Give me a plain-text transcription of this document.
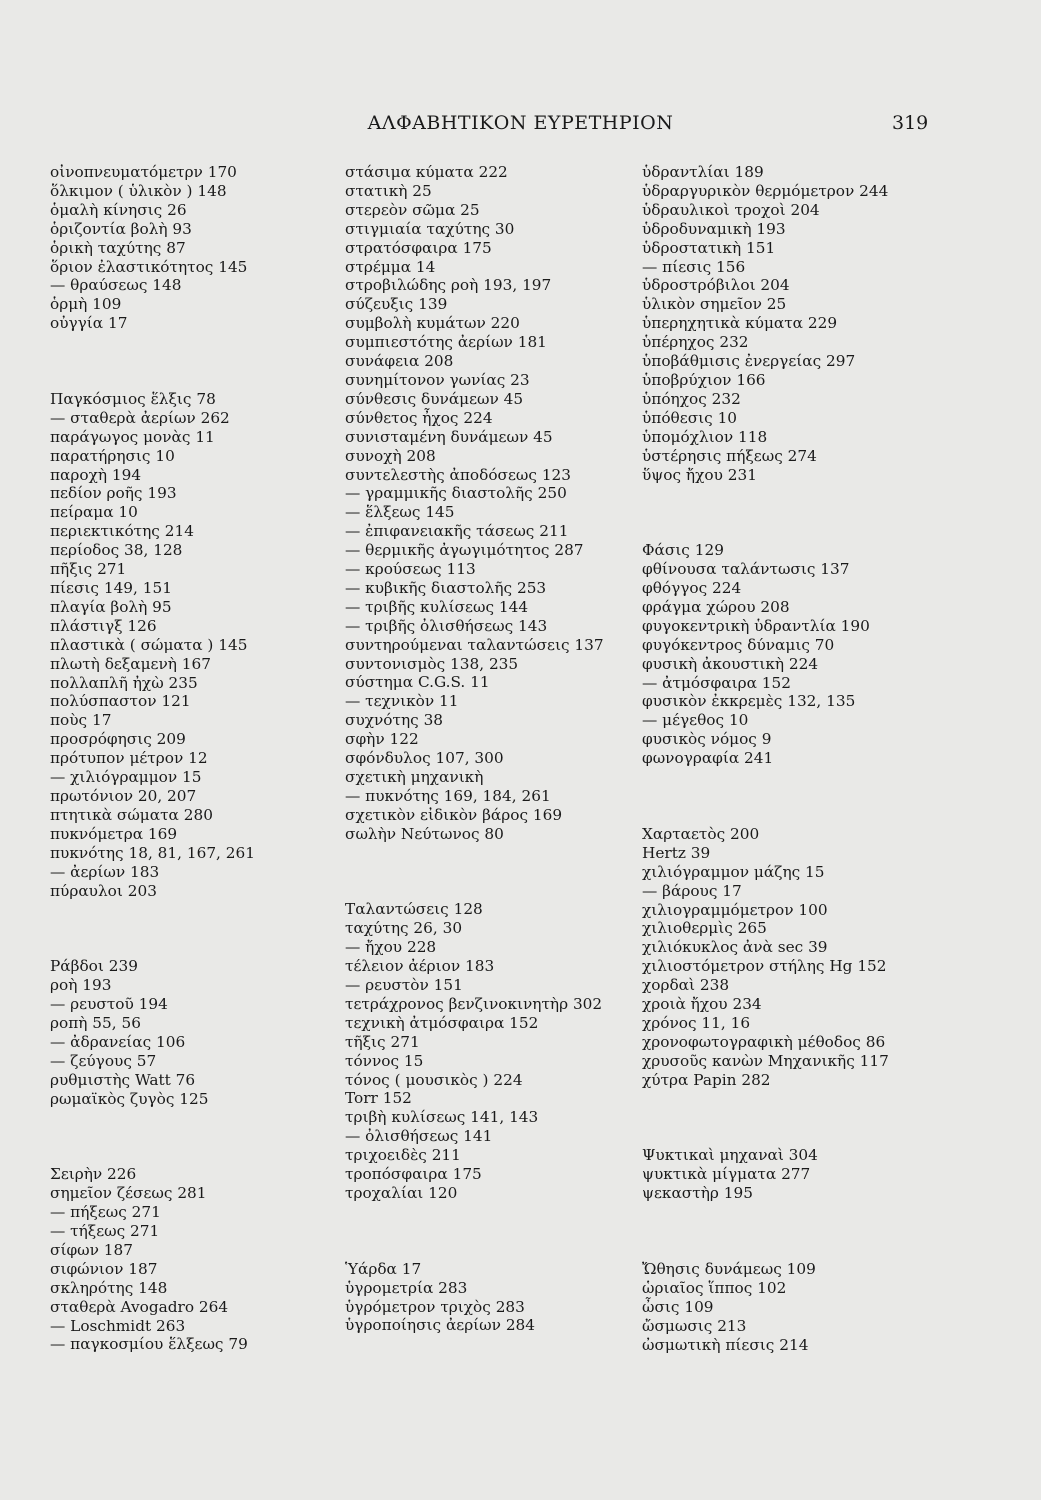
ΑΛΦΑΒΗΤΙΚΟΝ ΕΥΡΕΤΗΡΙΟΝ	319
οἰνοπνευματόμετρν 170
ὅλκιμον ( ὑλικὸν ) 148
ὁμαλὴ κίνησις 26
ὁριζοντία βολὴ 93
ὁρικὴ ταχύτης 87
ὅριον ἐλαστικότητος 145
— θραύσεως 148
ὁρμὴ 109
οὐγγία 17
Παγκόσμιος ἕλξις 78
— σταθερὰ ἀερίων 262
παράγωγος μονὰς 11
παρατήρησις 10
παροχὴ 194
πεδίον ροῆς 193
πείραμα 10
περιεκτικότης 214
περίοδος 38, 128
πῆξις 271
πίεσις 149, 151
πλαγία βολὴ 95
πλάστιγξ 126
πλαστικὰ ( σώματα ) 145
πλωτὴ δεξαμενὴ 167
πολλαπλῆ ἠχὼ 235
πολύσπαστον 121
ποὺς 17
προσρόφησις 209
πρότυπον μέτρον 12
— χιλιόγραμμον 15
πρωτόνιον 20, 207
πτητικὰ σώματα 280
πυκνόμετρα 169
πυκνότης 18, 81, 167, 261
— ἀερίων 183
πύραυλοι 203
Ράβδοι 239
ροὴ 193
— ρευστοῦ 194
ροπὴ 55, 56
— ἀδρανείας 106
— ζεύγους 57
ρυθμιστὴς Watt 76
ρωμαϊκὸς ζυγὸς 125
Σειρὴν 226
σημεῖον ζέσεως 281
— πήξεως 271
— τήξεως 271
σίφων 187
σιφώνιον 187
σκληρότης 148
σταθερὰ Avogadro 264
— Loschmidt 263
— παγκοσμίου ἕλξεως 79
στάσιμα κύματα 222
στατικὴ 25
στερεὸν σῶμα 25
στιγμιαία ταχύτης 30
στρατόσφαιρα 175
στρέμμα 14
στροβιλώδης ροὴ 193, 197
σύζευξις 139
συμβολὴ κυμάτων 220
συμπιεστότης ἀερίων 181
συνάφεια 208
συνημίτονον γωνίας 23
σύνθεσις δυνάμεων 45
σύνθετος ἦχος 224
συνισταμένη δυνάμεων 45
συνοχὴ 208
συντελεστὴς ἀποδόσεως 123
— γραμμικῆς διαστολῆς 250
— ἕλξεως 145
— ἐπιφανειακῆς τάσεως 211
— θερμικῆς ἀγωγιμότητος 287
— κρούσεως 113
— κυβικῆς διαστολῆς 253
— τριβῆς κυλίσεως 144
— τριβῆς ὀλισθήσεως 143
συντηρούμεναι ταλαντώσεις 137
συντονισμὸς 138, 235
σύστημα C.G.S. 11
— τεχνικὸν 11
συχνότης 38
σφὴν 122
σφόνδυλος 107, 300
σχετικὴ μηχανικὴ
— πυκνότης 169, 184, 261
σχετικὸν εἰδικὸν βάρος 169
σωλὴν Νεύτωνος 80
Ταλαντώσεις 128
ταχύτης 26, 30
— ἤχου 228
τέλειον ἀέριον 183
— ρευστὸν 151
τετράχρονος βενζινοκινητὴρ 302
τεχνικὴ ἀτμόσφαιρα 152
τῆξις 271
τόννος 15
τόνος ( μουσικὸς ) 224
Torr 152
τριβὴ κυλίσεως 141, 143
— ὀλισθήσεως 141
τριχοειδὲς 211
τροπόσφαιρα 175
τροχαλίαι 120
Ὑάρδα 17
ὑγρομετρία 283
ὑγρόμετρον τριχὸς 283
ὑγροποίησις ἀερίων 284
ὑδραντλίαι 189
ὑδραργυρικὸν θερμόμετρον 244
ὑδραυλικοὶ τροχοὶ 204
ὑδροδυναμικὴ 193
ὑδροστατικὴ 151
— πίεσις 156
ὑδροστρόβιλοι 204
ὑλικὸν σημεῖον 25
ὑπερηχητικὰ κύματα 229
ὑπέρηχος 232
ὑποβάθμισις ἐνεργείας 297
ὑποβρύχιον 166
ὑπόηχος 232
ὑπόθεσις 10
ὑπομόχλιον 118
ὑστέρησις πήξεως 274
ὕψος ἤχου 231
Φάσις 129
φθίνουσα ταλάντωσις 137
φθόγγος 224
φράγμα χώρου 208
φυγοκεντρικὴ ὑδραντλία 190
φυγόκεντρος δύναμις 70
φυσικὴ ἀκουστικὴ 224
— ἀτμόσφαιρα 152
φυσικὸν ἐκκρεμὲς 132, 135
— μέγεθος 10
φυσικὸς νόμος 9
φωνογραφία 241
Χαρταετὸς 200
Hertz 39
χιλιόγραμμον μάζης 15
— βάρους 17
χιλιογραμμόμετρον 100
χιλιοθερμὶς 265
χιλιόκυκλος ἀνὰ sec 39
χιλιοστόμετρον στήλης Hg 152
χορδαὶ 238
χροιὰ ἤχου 234
χρόνος 11, 16
χρονοφωτογραφικὴ μέθοδος 86
χρυσοῦς κανὼν Μηχανικῆς 117
χύτρα Papin 282
Ψυκτικαὶ μηχαναὶ 304
ψυκτικὰ μίγματα 277
ψεκαστὴρ 195
Ὤθησις δυνάμεως 109
ὡριαῖος ἵππος 102
ὦσις 109
ὤσμωσις 213
ὠσμωτικὴ πίεσις 214
